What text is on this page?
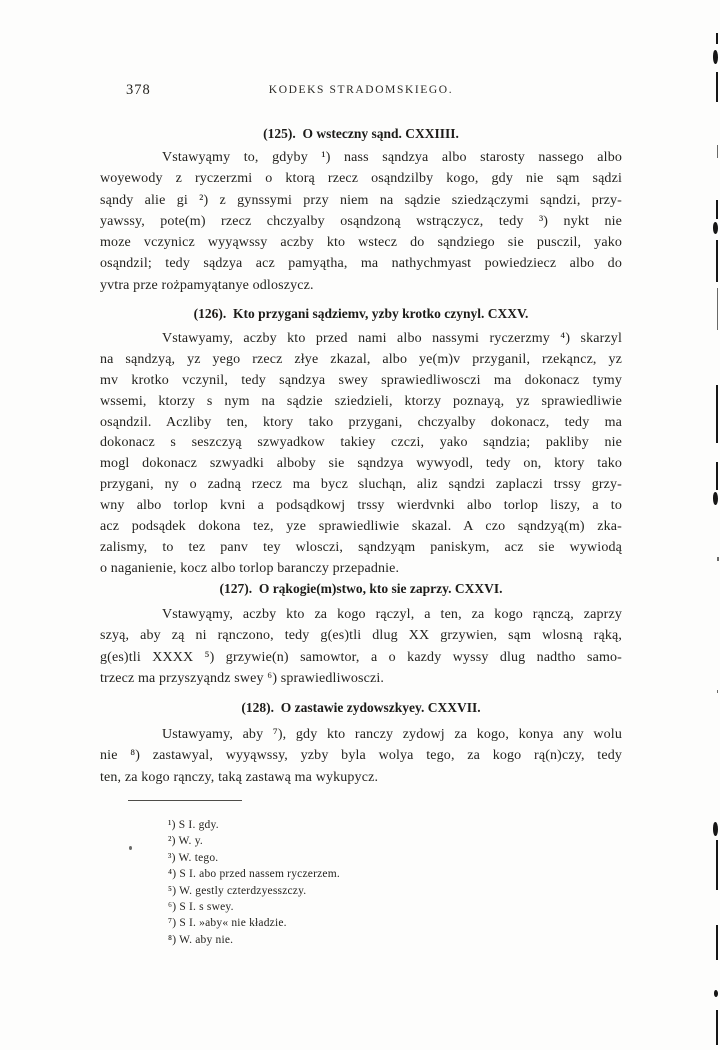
378	KODEKS STRADOMSKIEGO.
(125).  O wsteczny sąnd. CXXIIII.
Vstawyąmy to, gdyby ¹) nass sąndzya albo starosty nassego albo
woyewody z ryczerzmi o ktorą rzecz osąndzilby kogo, gdy nie sąm sądzi
sąndy alie gi ²) z gynssymi przy niem na sądzie sziedzączymi sąndzi, przy-
yawssy, pote(m) rzecz chczyalby osąndzoną wstrączycz, tedy ³) nykt nie
moze vczynicz wyyąwssy aczby kto wstecz do sąndziego sie pusczil, yako
osąndzil; tedy sądzya acz pamyątha, ma nathychmyast powiedziecz albo do
yvtra prze rożpamyątanye odloszycz.
(126).  Kto przygani sądziemv, yzby krotko czynyl. CXXV.
Vstawyamy, aczby kto przed nami albo nassymi ryczerzmy ⁴) skarzyl
na sąndzyą, yz yego rzecz złye zkazal, albo ye(m)v przyganil, rzekąncz, yz
mv krotko vczynil, tedy sąndzya swey sprawiedliwosczi ma dokonacz tymy
wssemi, ktorzy s nym na sądzie sziedzieli, ktorzy poznayą, yz sprawiedliwie
osąndzil. Aczliby ten, ktory tako przygani, chczyalby dokonacz, tedy ma
dokonacz s seszczyą szwyadkow takiey czczi, yako sąndzia; pakliby nie
mogl dokonacz szwyadki alboby sie sąndzya wywyodl, tedy on, ktory tako
przygani, ny o zadną rzecz ma bycz sluchąn, aliz sąndzi zaplaczi trssy grzy-
wny albo torlop kvni a podsądkowj trssy wierdvnki albo torlop liszy, a to
acz podsądek dokona tez, yze sprawiedliwie skazal. A czo sąndzyą(m) zka-
zalismy, to tez panv tey wlosczi, sąndzyąm paniskym, acz sie wywiodą
o naganienie, kocz albo torlop baranczy przepadnie.
(127).  O rąkogie(m)stwo, kto sie zaprzy. CXXVI.
Vstawyąmy, aczby kto za kogo rączyl, a ten, za kogo rąnczą, zaprzy
szyą, aby zą ni rąnczono, tedy g(es)tli dlug XX grzywien, sąm wlosną rąką,
g(es)tli XXXX ⁵) grzywie(n) samowtor, a o kazdy wyssy dlug nadtho samo-
trzecz ma przyszyąndz swey ⁶) sprawiedliwosczi.
(128).  O zastawie zydowszkyey. CXXVII.
Ustawyamy, aby ⁷), gdy kto ranczy zydowj za kogo, konya any wolu
nie ⁸) zastawyal, wyyąwssy, yzby byla wolya tego, za kogo rą(n)czy, tedy
ten, za kogo rąnczy, taką zastawą ma wykupycz.
¹) S I. gdy.
²) W. y.
³) W. tego.
⁴) S I. abo przed nassem ryczerzem.
⁵) W. gestly czterdzyesszczy.
⁶) S I. s swey.
⁷) S I. »aby« nie kładzie.
⁸) W. aby nie.
